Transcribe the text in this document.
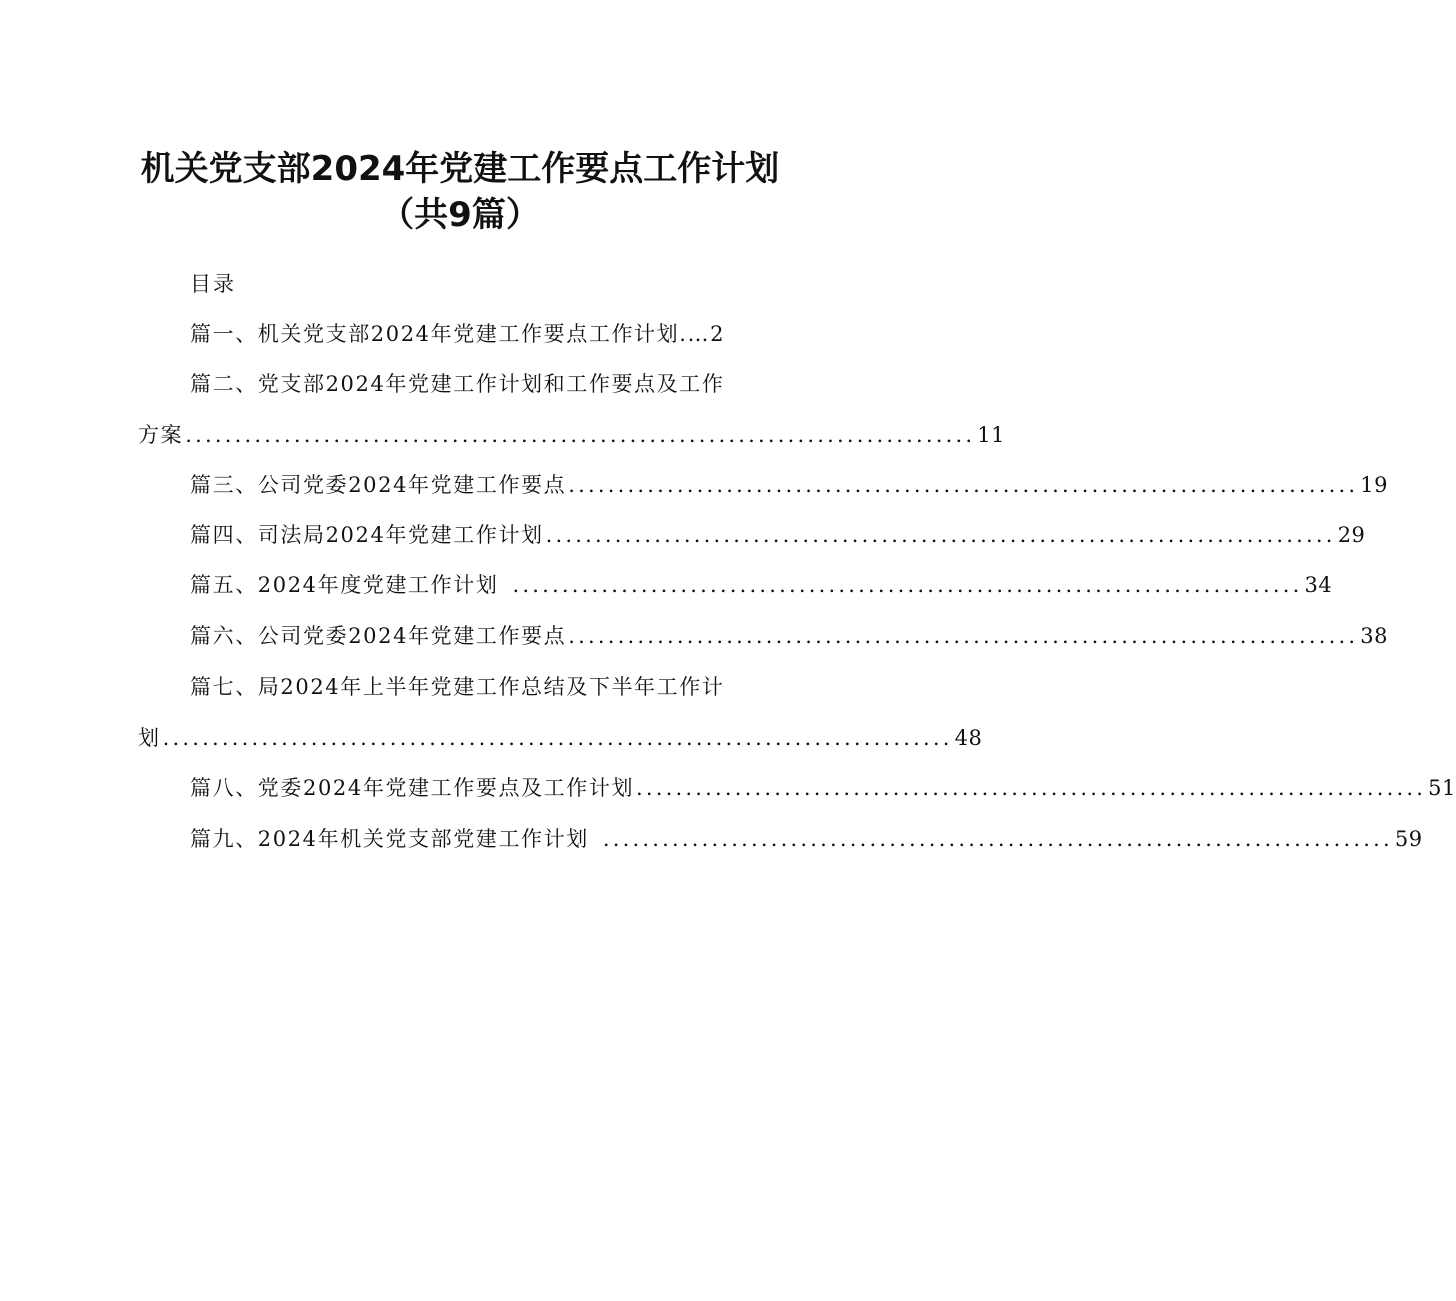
机关党支部2024年党建工作要点工作计划
（共9篇）
目录
篇一、机关党支部2024年党建工作要点工作计划. … 2
篇二、党支部2024年党建工作计划和工作要点及工作
方案 ................................................................................ 11
篇三、公司党委2024年党建工作要点 ................................................................................ 19
篇四、司法局2024年党建工作计划 ................................................................................ 29
篇五、2024年度党建工作计划 ................................................................................ 34
篇六、公司党委2024年党建工作要点 ................................................................................ 38
篇七、局2024年上半年党建工作总结及下半年工作计
划 ................................................................................ 48
篇八、党委2024年党建工作要点及工作计划 ................................................................................ 51
篇九、2024年机关党支部党建工作计划 ................................................................................ 59
